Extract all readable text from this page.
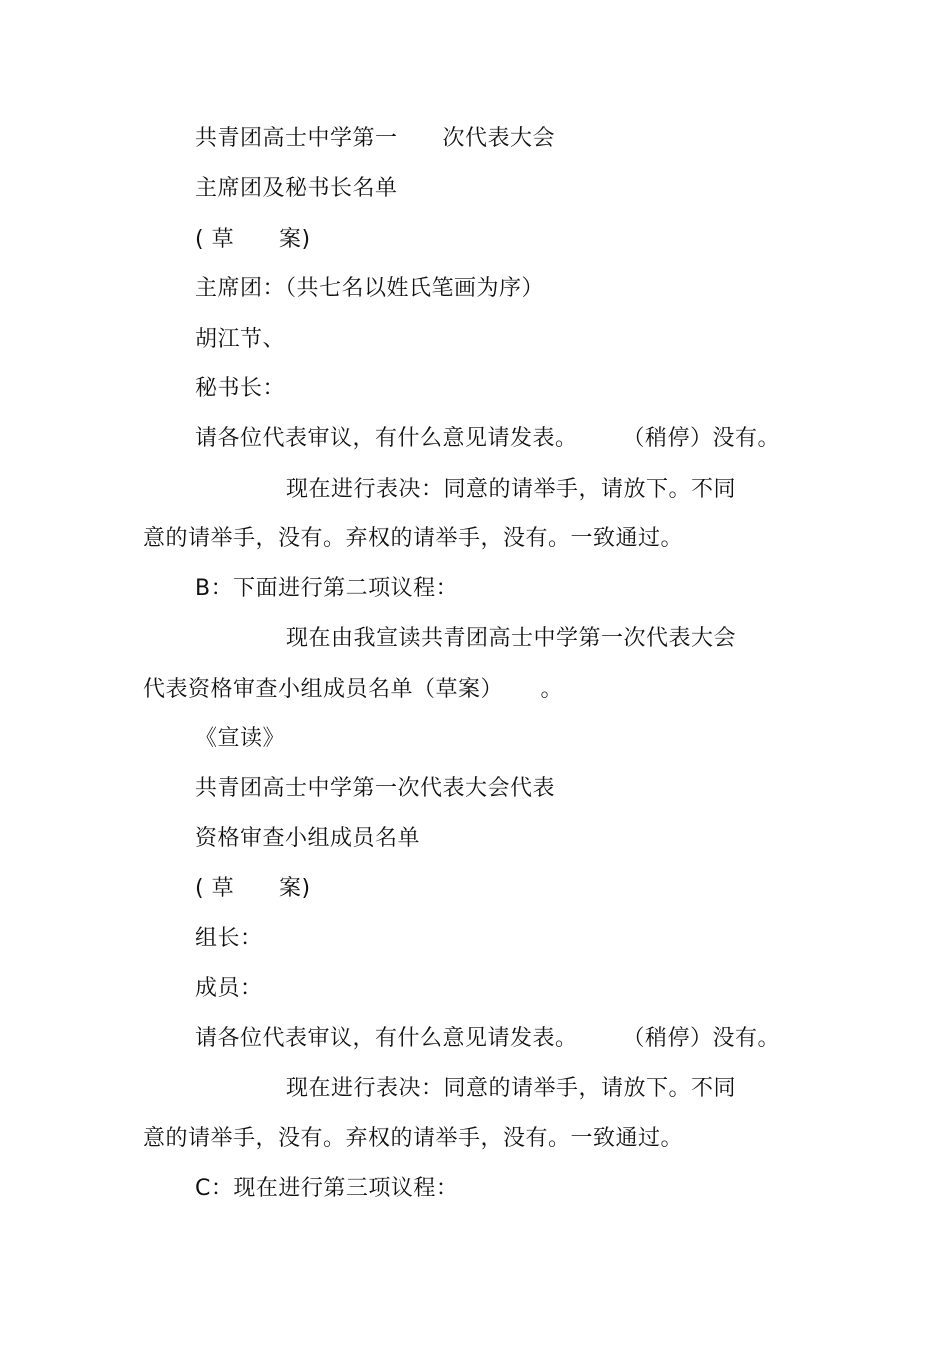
共青团高士中学第一      次代表大会
主席团及秘书长名单
( 草      案)
主席团：（共七名以姓氏笔画为序）
胡江节、
秘书长：
请各位代表审议，有什么意见请发表。      （稍停）没有。
现在进行表决：同意的请举手，请放下。不同
意的请举手，没有。弃权的请举手，没有。一致通过。
B：下面进行第二项议程：
现在由我宣读共青团高士中学第一次代表大会
代表资格审查小组成员名单（草案）     。
《宣读》
共青团高士中学第一次代表大会代表
资格审查小组成员名单
( 草      案)
组长：
成员：
请各位代表审议，有什么意见请发表。      （稍停）没有。
现在进行表决：同意的请举手，请放下。不同
意的请举手，没有。弃权的请举手，没有。一致通过。
C：现在进行第三项议程：
